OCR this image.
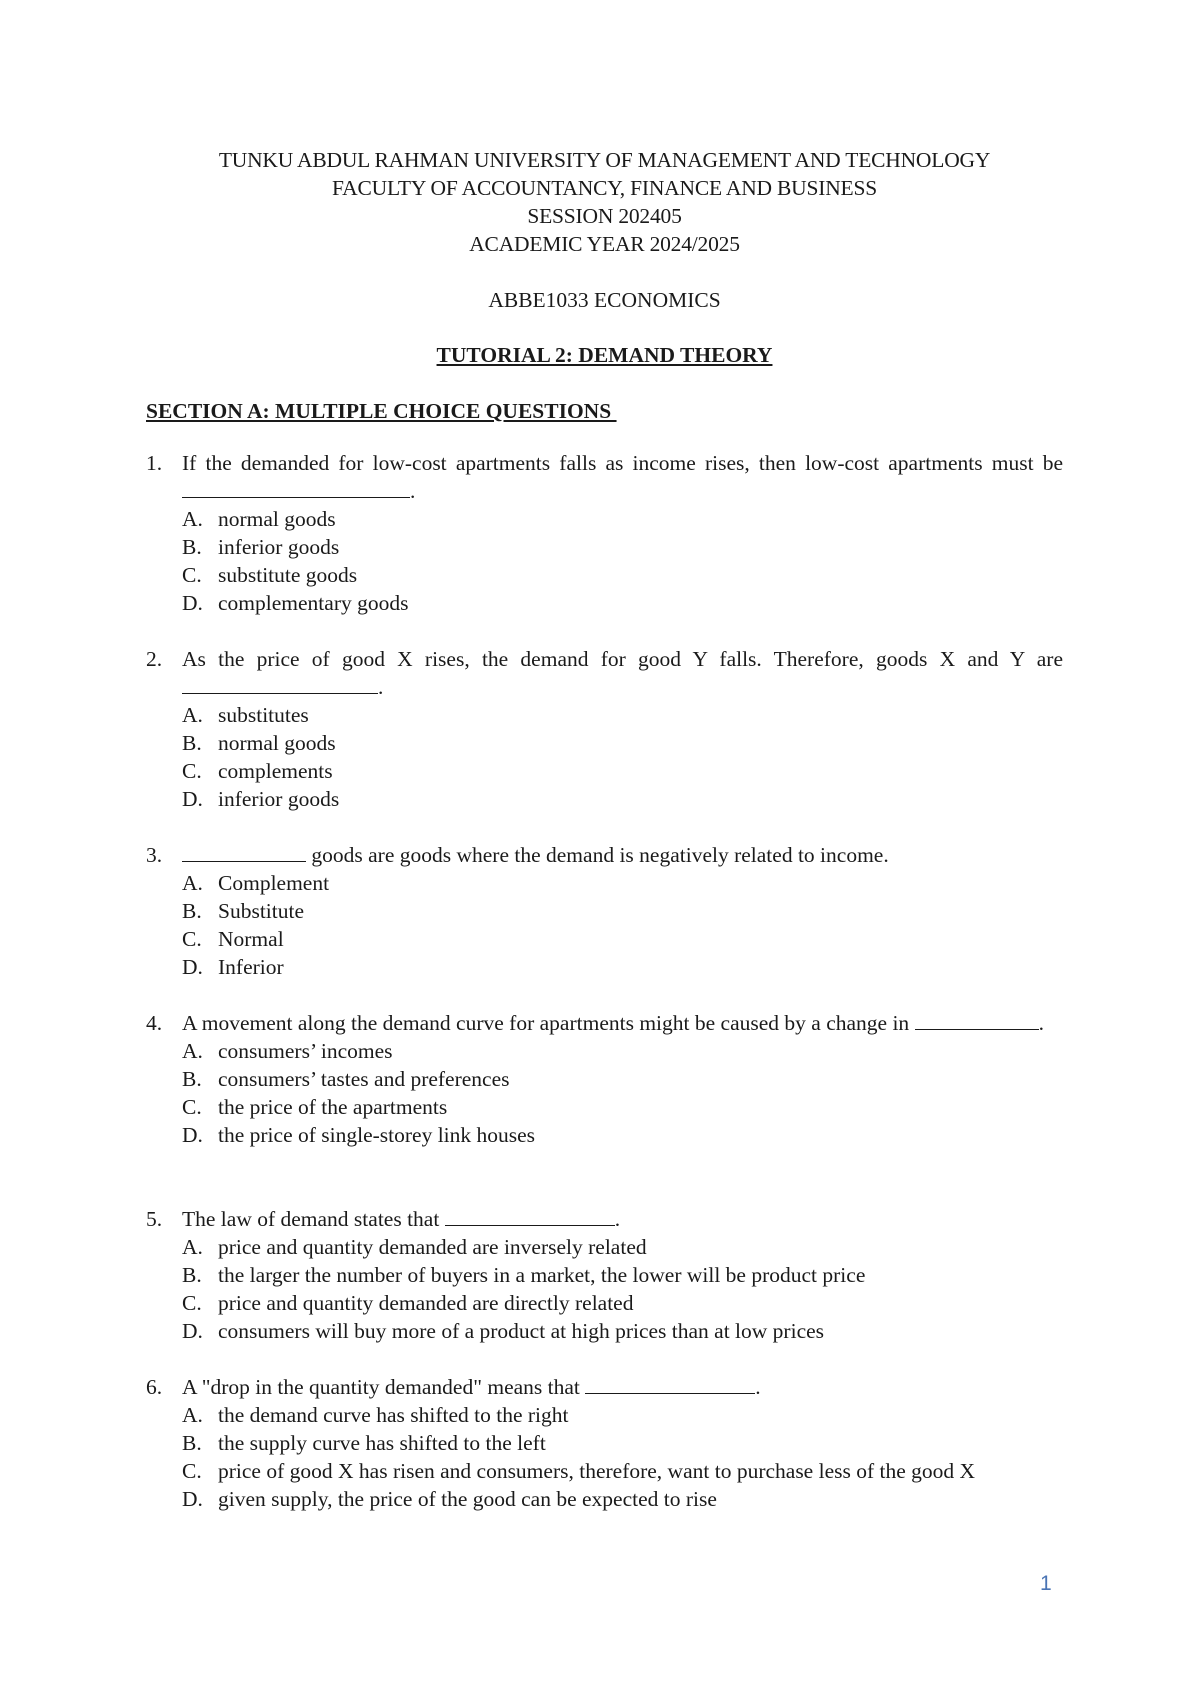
TUNKU ABDUL RAHMAN UNIVERSITY OF MANAGEMENT AND TECHNOLOGY
FACULTY OF ACCOUNTANCY, FINANCE AND BUSINESS
SESSION 202405
ACADEMIC YEAR 2024/2025
ABBE1033 ECONOMICS
TUTORIAL 2: DEMAND THEORY
SECTION A: MULTIPLE CHOICE QUESTIONS
1. If the demanded for low-cost apartments falls as income rises, then low-cost apartments must be .
A. normal goods
B. inferior goods
C. substitute goods
D. complementary goods
2. As the price of good X rises, the demand for good Y falls. Therefore, goods X and Y are .
A. substitutes
B. normal goods
C. complements
D. inferior goods
3.	goods are goods where the demand is negatively related to income.
A. Complement
B. Substitute
C. Normal
D. Inferior
4. A movement along the demand curve for apartments might be caused by a change in	.
A. consumers’ incomes
B. consumers’ tastes and preferences
C. the price of the apartments
D. the price of single-storey link houses
5. The law of demand states that	.
A. price and quantity demanded are inversely related
B. the larger the number of buyers in a market, the lower will be product price
C. price and quantity demanded are directly related
D. consumers will buy more of a product at high prices than at low prices
6. A "drop in the quantity demanded" means that	.
A. the demand curve has shifted to the right
B. the supply curve has shifted to the left
C. price of good X has risen and consumers, therefore, want to purchase less of the good X
D. given supply, the price of the good can be expected to rise
1
